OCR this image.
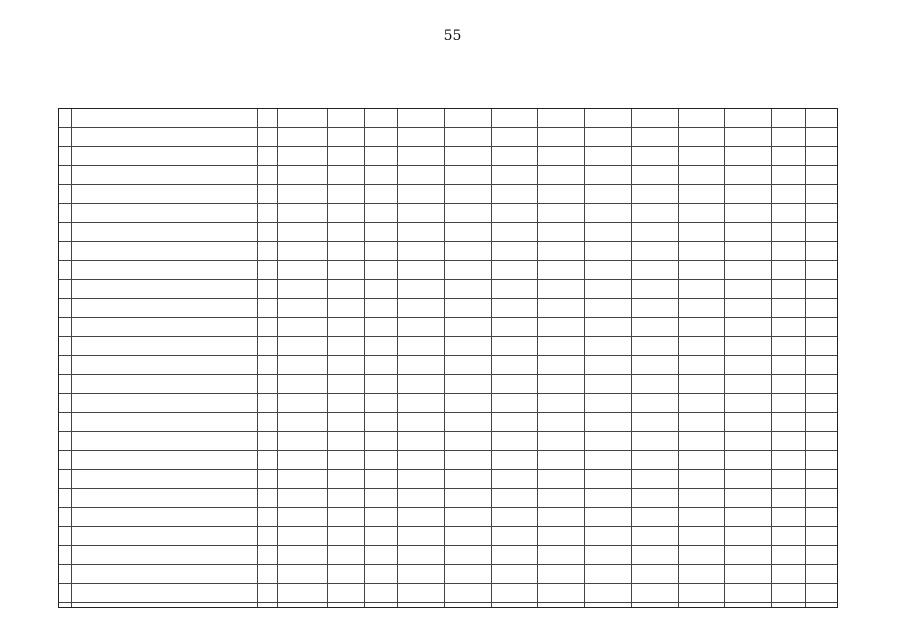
55
